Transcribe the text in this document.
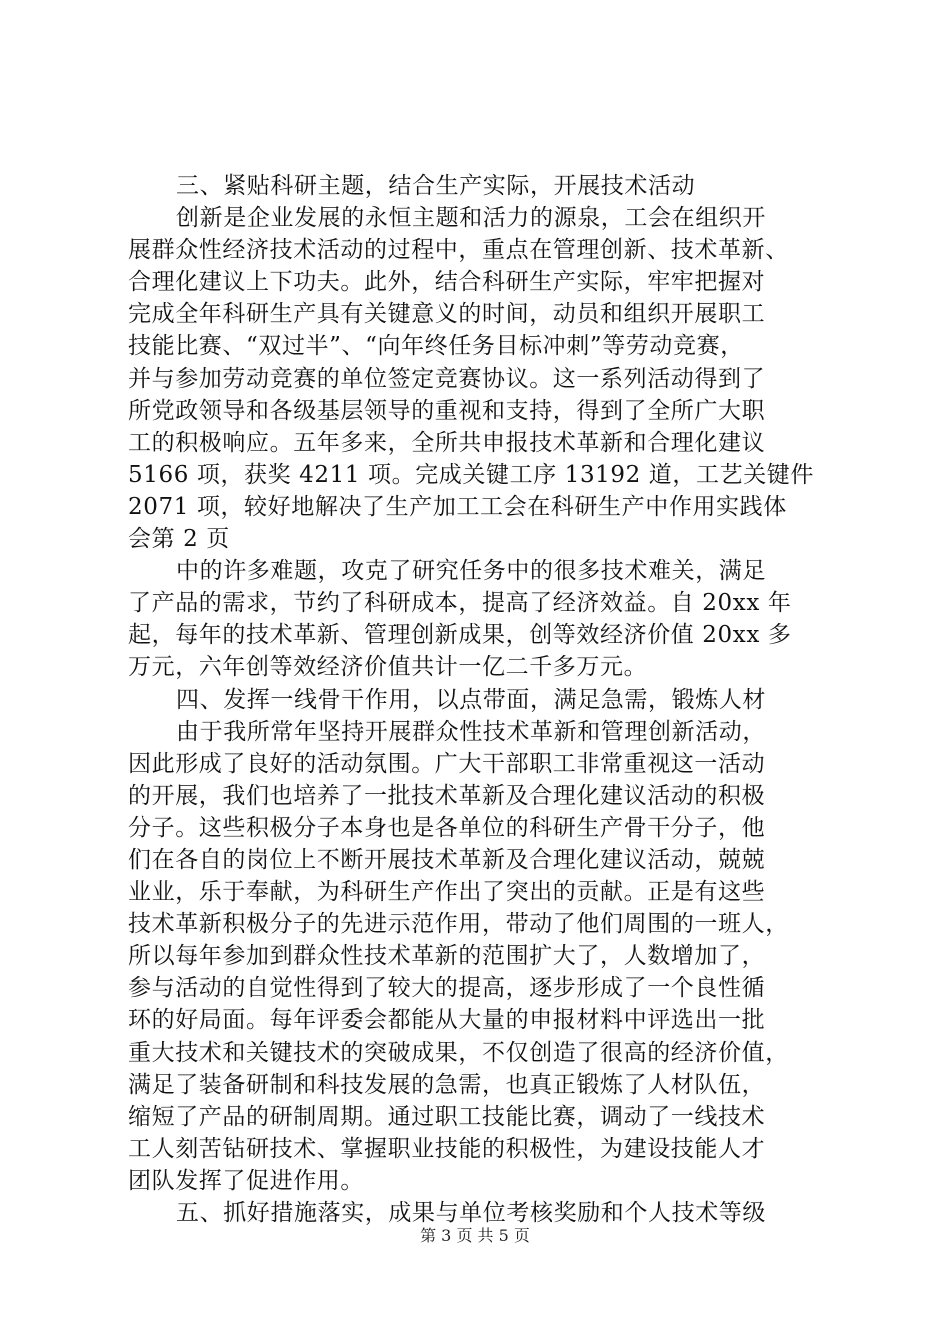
三、紧贴科研主题，结合生产实际，开展技术活动
创新是企业发展的永恒主题和活力的源泉，工会在组织开
展群众性经济技术活动的过程中，重点在管理创新、技术革新、
合理化建议上下功夫。此外，结合科研生产实际，牢牢把握对
完成全年科研生产具有关键意义的时间，动员和组织开展职工
技能比赛、“双过半”、“向年终任务目标冲刺”等劳动竞赛，
并与参加劳动竞赛的单位签定竞赛协议。这一系列活动得到了
所党政领导和各级基层领导的重视和支持，得到了全所广大职
工的积极响应。五年多来，全所共申报技术革新和合理化建议
5166 项，获奖 4211 项。完成关键工序 13192 道，工艺关键件
2071 项，较好地解决了生产加工工会在科研生产中作用实践体
会第 2 页
中的许多难题，攻克了研究任务中的很多技术难关，满足
了产品的需求，节约了科研成本，提高了经济效益。自 20xx 年
起，每年的技术革新、管理创新成果，创等效经济价值 20xx 多
万元，六年创等效经济价值共计一亿二千多万元。
四、发挥一线骨干作用，以点带面，满足急需，锻炼人材
由于我所常年坚持开展群众性技术革新和管理创新活动，
因此形成了良好的活动氛围。广大干部职工非常重视这一活动
的开展，我们也培养了一批技术革新及合理化建议活动的积极
分子。这些积极分子本身也是各单位的科研生产骨干分子，他
们在各自的岗位上不断开展技术革新及合理化建议活动，兢兢
业业，乐于奉献，为科研生产作出了突出的贡献。正是有这些
技术革新积极分子的先进示范作用，带动了他们周围的一班人，
所以每年参加到群众性技术革新的范围扩大了，人数增加了，
参与活动的自觉性得到了较大的提高，逐步形成了一个良性循
环的好局面。每年评委会都能从大量的申报材料中评选出一批
重大技术和关键技术的突破成果，不仅创造了很高的经济价值，
满足了装备研制和科技发展的急需，也真正锻炼了人材队伍，
缩短了产品的研制周期。通过职工技能比赛，调动了一线技术
工人刻苦钻研技术、掌握职业技能的积极性，为建设技能人才
团队发挥了促进作用。
五、抓好措施落实，成果与单位考核奖励和个人技术等级
第 3 页 共 5 页
